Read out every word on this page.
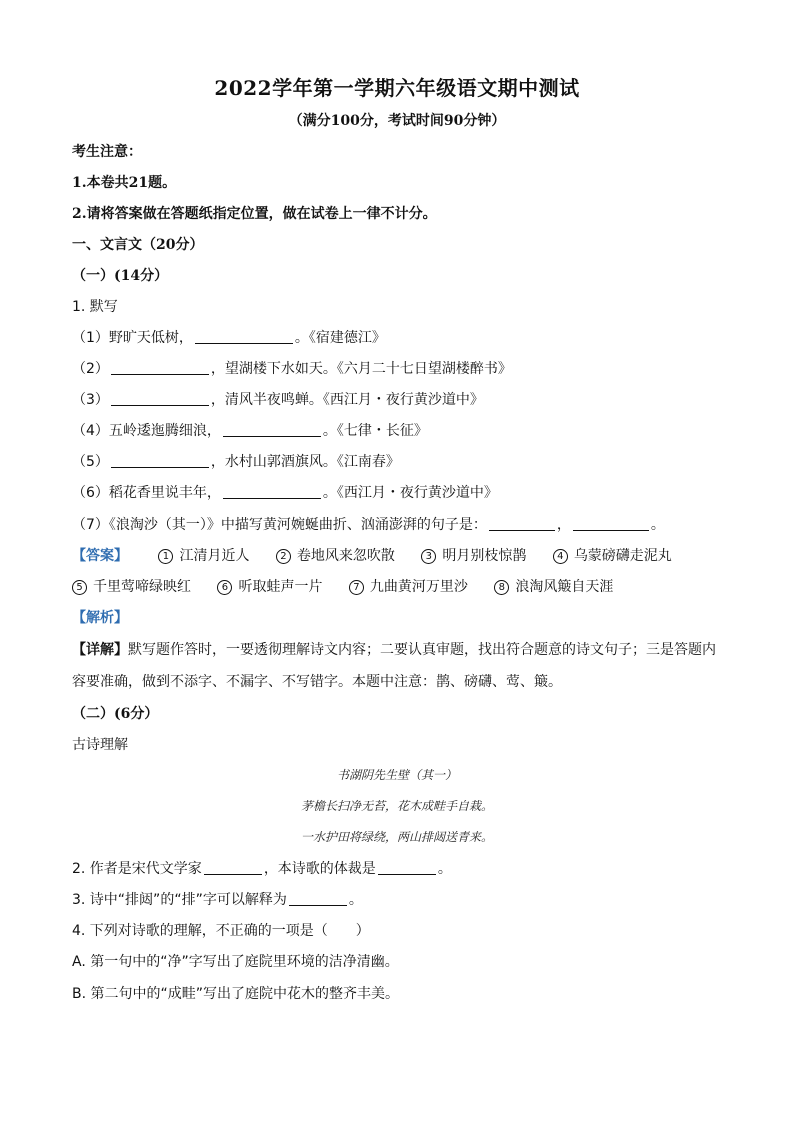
2022学年第一学期六年级语文期中测试
（满分100分，考试时间90分钟）
考生注意：
1.本卷共21题。
2.请将答案做在答题纸指定位置，做在试卷上一律不计分。
一、文言文（20分）
（一）(14分）
1. 默写
（1）野旷天低树，	。《宿建德江》
（2）	，望湖楼下水如天。《六月二十七日望湖楼醉书》
（3）	，清风半夜鸣蝉。《西江月・夜行黄沙道中》
（4）五岭逶迤腾细浪，	。《七律・长征》
（5）	，水村山郭酒旗风。《江南春》
（6）稻花香里说丰年，	。《西江月・夜行黄沙道中》
（7）《浪淘沙（其一）》中描写黄河婉蜒曲折、汹涌澎湃的句子是：	，	。
【答案】	1 江清月近人	2 卷地风来忽吹散	3 明月别枝惊鹊	4 乌蒙磅礴走泥丸
5 千里莺啼绿映红	6 听取蛙声一片	7 九曲黄河万里沙	8 浪淘风簸自天涯
【解析】
【详解】默写题作答时，一要透彻理解诗文内容；二要认真审题，找出符合题意的诗文句子；三是答题内
容要准确，做到不添字、不漏字、不写错字。本题中注意：鹊、磅礴、莺、簸。
（二）(6分）
古诗理解
书湖阴先生壁（其一）
茅檐长扫净无苔，花木成畦手自栽。
一水护田将绿绕，两山排闼送青来。
2. 作者是宋代文学家	，本诗歌的体裁是	。
3. 诗中“排闼”的“排”字可以解释为	。
4. 下列对诗歌的理解，不正确的一项是（　　）
A. 第一句中的“净”字写出了庭院里环境的洁净清幽。
B. 第二句中的“成畦”写出了庭院中花木的整齐丰美。
